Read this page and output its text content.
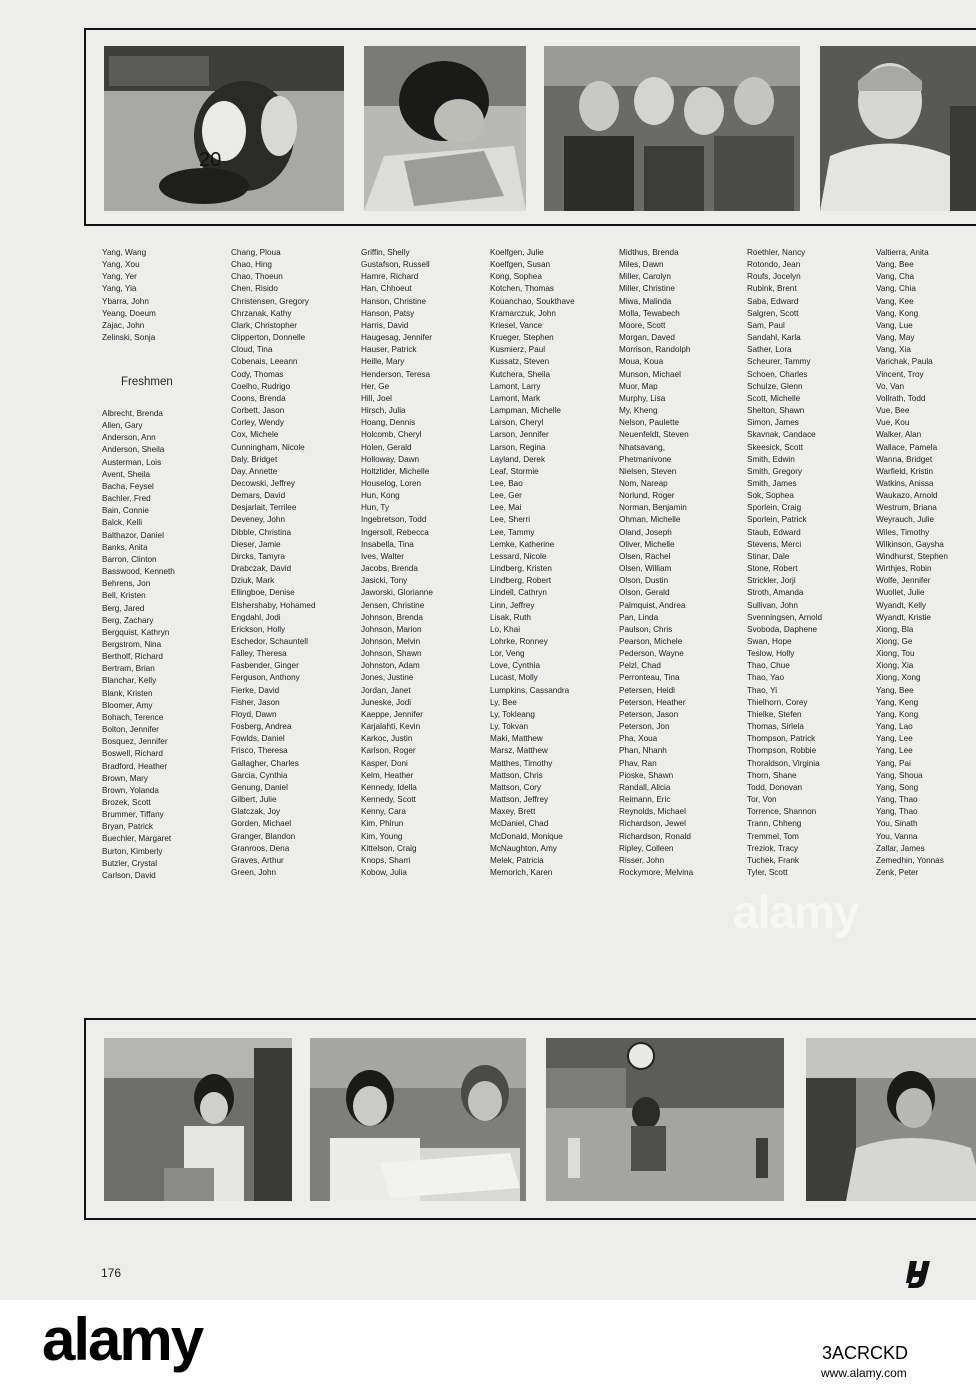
20
Yang, Wang
Yang, Xou
Yang, Yer
Yang, Yia
Ybarra, John
Yeang, Doeum
Zajac, John
Zelinski, Sonja
Freshmen
Albrecht, Brenda
Allen, Gary
Anderson, Ann
Anderson, Sheila
Austerman, Lois
Avent, Sheila
Bacha, Feysel
Bachler, Fred
Bain, Connie
Balck, Kelli
Balthazor, Daniel
Banks, Anita
Barron, Clinton
Basswood, Kenneth
Behrens, Jon
Bell, Kristen
Berg, Jared
Berg, Zachary
Bergquist, Kathryn
Bergstrom, Nina
Bertholf, Richard
Bertram, Brian
Blanchar, Kelly
Blank, Kristen
Bloomer, Amy
Bohach, Terence
Bolton, Jennifer
Bosquez, Jennifer
Boswell, Richard
Bradford, Heather
Brown, Mary
Brown, Yolanda
Brozek, Scott
Brummer, Tiffany
Bryan, Patrick
Buechler, Margaret
Burton, Kimberly
Butzler, Crystal
Carlson, David
Chang, Ploua
Chao, Hing
Chao, Thoeun
Chen, Risido
Christensen, Gregory
Chrzanak, Kathy
Clark, Christopher
Clipperton, Donnelle
Cloud, Tina
Cobenais, Leeann
Cody, Thomas
Coelho, Rudrigo
Coons, Brenda
Corbett, Jason
Corley, Wendy
Cox, Michele
Cunningham, Nicole
Daly, Bridget
Day, Annette
Decowski, Jeffrey
Demars, David
Desjarlait, Terrilee
Deveney, John
Dibble, Christina
Dieser, Jamie
Dircks, Tamyra
Drabczak, David
Dziuk, Mark
Ellingboe, Denise
Elshershaby, Hohamed
Engdahl, Jodi
Erickson, Holly
Eschedor, Schauntell
Falley, Theresa
Fasbender, Ginger
Ferguson, Anthony
Fierke, David
Fisher, Jason
Floyd, Dawn
Fosberg, Andrea
Fowlds, Daniel
Frisco, Theresa
Gallagher, Charles
Garcia, Cynthia
Genung, Daniel
Gilbert, Julie
Glatczak, Joy
Gorden, Michael
Granger, Blandon
Granroos, Dena
Graves, Arthur
Green, John
Griffin, Shelly
Gustafson, Russell
Hamre, Richard
Han, Chhoeut
Hanson, Christine
Hanson, Patsy
Harris, David
Haugesag, Jennifer
Hauser, Patrick
Heille, Mary
Henderson, Teresa
Her, Ge
Hill, Joel
Hirsch, Julia
Hoang, Dennis
Holcomb, Cheryl
Holen, Gerald
Holloway, Dawn
Holtzlider, Michelle
Houselog, Loren
Hun, Kong
Hun, Ty
Ingebretson, Todd
Ingersoll, Rebecca
Insabella, Tina
Ives, Walter
Jacobs, Brenda
Jasicki, Tony
Jaworski, Glorianne
Jensen, Christine
Johnson, Brenda
Johnson, Marion
Johnson, Melvin
Johnson, Shawn
Johnston, Adam
Jones, Justine
Jordan, Janet
Juneske, Jodi
Kaeppe, Jennifer
Karjalahti, Kevin
Karkoc, Justin
Karlson, Roger
Kasper, Doni
Kelm, Heather
Kennedy, Idella
Kennedy, Scott
Kenny, Cara
Kim, Phirun
Kim, Young
Kittelson, Craig
Knops, Sharri
Kobow, Julia
Koelfgen, Julie
Koelfgen, Susan
Kong, Sophea
Kotchen, Thomas
Kouanchao, Soukthave
Kramarczuk, John
Kriesel, Vance
Krueger, Stephen
Kusmierz, Paul
Kussatz, Steven
Kutchera, Sheila
Lamont, Larry
Lamont, Mark
Lampman, Michelle
Larson, Cheryl
Larson, Jennifer
Larson, Regina
Layland, Derek
Leaf, Stormie
Lee, Bao
Lee, Ger
Lee, Mai
Lee, Sherri
Lee, Tammy
Lemke, Katherine
Lessard, Nicole
Lindberg, Kristen
Lindberg, Robert
Lindell, Cathryn
Linn, Jeffrey
Lisak, Ruth
Lo, Khai
Lohrke, Ronney
Lor, Veng
Love, Cynthia
Lucast, Molly
Lumpkins, Cassandra
Ly, Bee
Ly, Tokleang
Ly, Tokvan
Maki, Matthew
Marsz, Matthew
Matthes, Timothy
Mattson, Chris
Mattson, Cory
Mattson, Jeffrey
Maxey, Brett
McDaniel, Chad
McDonald, Monique
McNaughton, Amy
Melek, Patricia
Memorich, Karen
Midthus, Brenda
Miles, Dawn
Miller, Carolyn
Miller, Christine
Miwa, Malinda
Molla, Tewabech
Moore, Scott
Morgan, Daved
Morrison, Randolph
Moua, Koua
Munson, Michael
Muor, Map
Murphy, Lisa
My, Kheng
Nelson, Paulette
Neuenfeldt, Steven
Nhatsavang,
Phetmanivone
Nielsen, Steven
Nom, Nareap
Norlund, Roger
Norman, Benjamin
Ohman, Michelle
Oland, Joseph
Oliver, Michelle
Olsen, Rachel
Olsen, William
Olson, Dustin
Olson, Gerald
Palmquist, Andrea
Pan, Linda
Paulson, Chris
Pearson, Michele
Pederson, Wayne
Pelzl, Chad
Perronteau, Tina
Petersen, Heidi
Peterson, Heather
Peterson, Jason
Peterson, Jon
Pha, Xoua
Phan, Nhanh
Phav, Ran
Pioske, Shawn
Randall, Alicia
Reimann, Eric
Reynolds, Michael
Richardson, Jewel
Richardson, Ronald
Ripley, Colleen
Risser, John
Rockymore, Melvina
Roethler, Nancy
Rotondo, Jean
Roufs, Jocelyn
Rubink, Brent
Saba, Edward
Salgren, Scott
Sam, Paul
Sandahl, Karla
Sather, Lora
Scheurer, Tammy
Schoen, Charles
Schulze, Glenn
Scott, Michelle
Shelton, Shawn
Simon, James
Skavnak, Candace
Skeesick, Scott
Smith, Edwin
Smith, Gregory
Smith, James
Sok, Sophea
Sporlein, Craig
Sporlein, Patrick
Staub, Edward
Stevens, Merci
Stinar, Dale
Stone, Robert
Strickler, Jorji
Stroth, Amanda
Sullivan, John
Svenningsen, Arnold
Svoboda, Daphene
Swan, Hope
Teslow, Holly
Thao, Chue
Thao, Yao
Thao, Yi
Thielhorn, Corey
Thielke, Stefen
Thomas, Sirlela
Thompson, Patrick
Thompson, Robbie
Thoraldson, Virginia
Thorn, Shane
Todd, Donovan
Tor, Von
Torrence, Shannon
Trann, Chheng
Tremmel, Tom
Treziok, Tracy
Tuchek, Frank
Tyler, Scott
Valtierra, Anita
Vang, Bee
Vang, Cha
Vang, Chia
Vang, Kee
Vang, Kong
Vang, Lue
Vang, May
Vang, Xia
Varichak, Paula
Vincent, Troy
Vo, Van
Vollrath, Todd
Vue, Bee
Vue, Kou
Walker, Alan
Wallace, Pamela
Wanna, Bridget
Warfield, Kristin
Watkins, Anissa
Waukazo, Arnold
Westrum, Briana
Weyrauch, Julie
Wiles, Timothy
Wilkinson, Gaysha
Windhurst, Stephen
Wirthjes, Robin
Wolfe, Jennifer
Wuollet, Julie
Wyandt, Kelly
Wyandt, Kristie
Xiong, Bla
Xiong, Ge
Xiong, Tou
Xiong, Xia
Xiong, Xong
Yang, Bee
Yang, Keng
Yang, Kong
Yang, Lao
Yang, Lee
Yang, Lee
Yang, Pai
Yang, Shoua
Yang, Song
Yang, Thao
Yang, Thao
You, Sinath
You, Vanna
Zallar, James
Zemedhin, Yonnas
Zenk, Peter
alamy
176
alamy	3ACRCKD
www.alamy.com
